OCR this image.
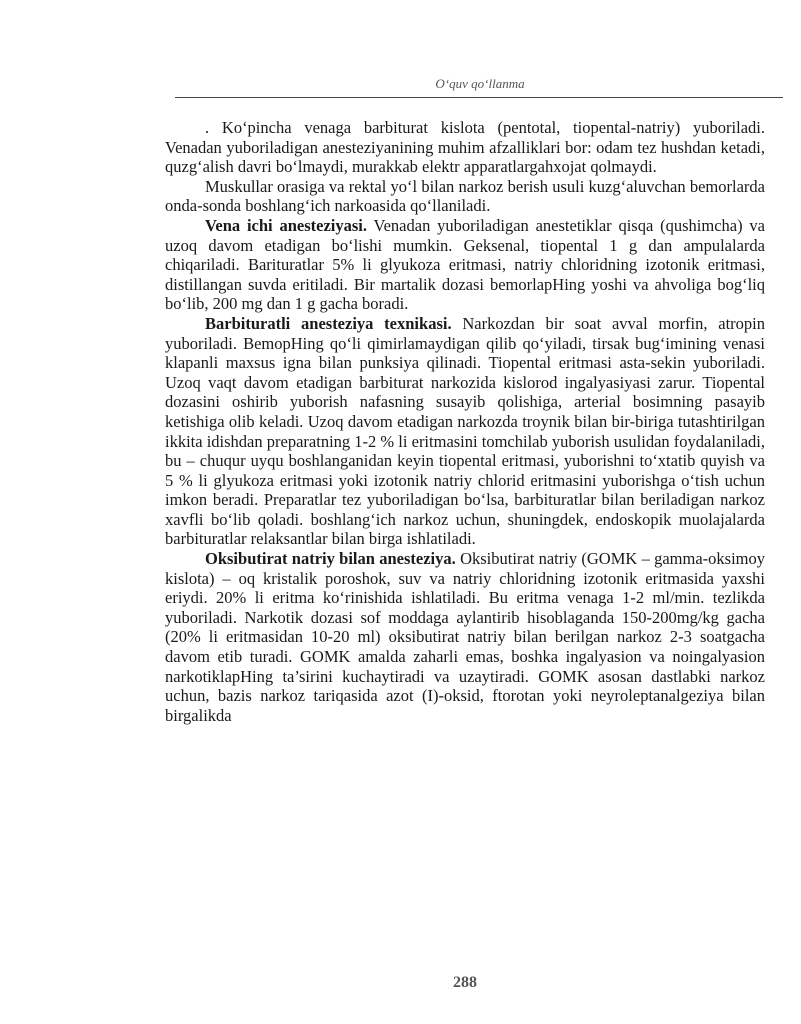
O‘quv qo‘llanma

. Ko‘pincha venaga barbiturat kislota (pentotal, tiopental-natriy) yuboriladi. Venadan yuboriladigan anesteziyanining muhim afzalliklari bor: odam tez hushdan ketadi, quzg‘alish davri bo‘lmaydi, murakkab elektr apparatlargahxojat qolmaydi.

Muskullar orasiga va rektal yo‘l bilan narkoz berish usuli kuzg‘aluvchan bemorlarda onda-sonda boshlang‘ich narkoasida qo‘llaniladi.

Vena ichi anesteziyasi. Venadan yuboriladigan anestetiklar qisqa (qushimcha) va uzoq davom etadigan bo‘lishi mumkin. Geksenal, tiopental 1 g dan ampulalarda chiqariladi. Barituratlar 5% li glyukoza eritmasi, natriy chloridning izotonik eritmasi, distillangan suvda eritiladi. Bir martalik dozasi bemorlapHing yoshi va ahvoliga bog‘liq bo‘lib, 200 mg dan 1 g gacha boradi.

Barbituratli anesteziya texnikasi. Narkozdan bir soat avval morfin, atropin yuboriladi. BemopHing qo‘li qimirlamaydigan qilib qo‘yiladi, tirsak bug‘imining venasi klapanli maxsus igna bilan punksiya qilinadi. Tiopental eritmasi asta-sekin yuboriladi. Uzoq vaqt davom etadigan barbiturat narkozida kislorod ingalyasiyasi zarur. Tiopental dozasini oshirib yuborish nafasning susayib qolishiga, arterial bosimning pasayib ketishiga olib keladi. Uzoq davom etadigan narkozda troynik bilan bir-biriga tutashtirilgan ikkita idishdan preparatning 1-2 % li eritmasini tomchilab yuborish usulidan foydalaniladi, bu – chuqur uyqu boshlanganidan keyin tiopental eritmasi, yuborishni to‘xtatib quyish va 5 % li glyukoza eritmasi yoki izotonik natriy chlorid eritmasini yuborishga o‘tish uchun imkon beradi. Preparatlar tez yuboriladigan bo‘lsa, barbituratlar bilan beriladigan narkoz xavfli bo‘lib qoladi. boshlang‘ich narkoz uchun, shuningdek, endoskopik muolajalarda barbituratlar relaksantlar bilan birga ishlatiladi.

Oksibutirat natriy bilan anesteziya. Oksibutirat natriy (GOMK – gamma-oksimoy kislota) – oq kristalik poroshok, suv va natriy chloridning izotonik eritmasida yaxshi eriydi. 20% li eritma ko‘rinishida ishlatiladi. Bu eritma venaga 1-2 ml/min. tezlikda yuboriladi. Narkotik dozasi sof moddaga aylantirib hisoblaganda 150-200mg/kg gacha (20% li eritmasidan 10-20 ml) oksibutirat natriy bilan berilgan narkoz 2-3 soatgacha davom etib turadi. GOMK amalda zaharli emas, boshka ingalyasion va noingalyasion narkotiklapHing ta’sirini kuchaytiradi va uzaytiradi. GOMK asosan dastlabki narkoz uchun, bazis narkoz tariqasida azot (I)-oksid, ftorotan yoki neyroleptanalgeziya bilan birgalikda

288
